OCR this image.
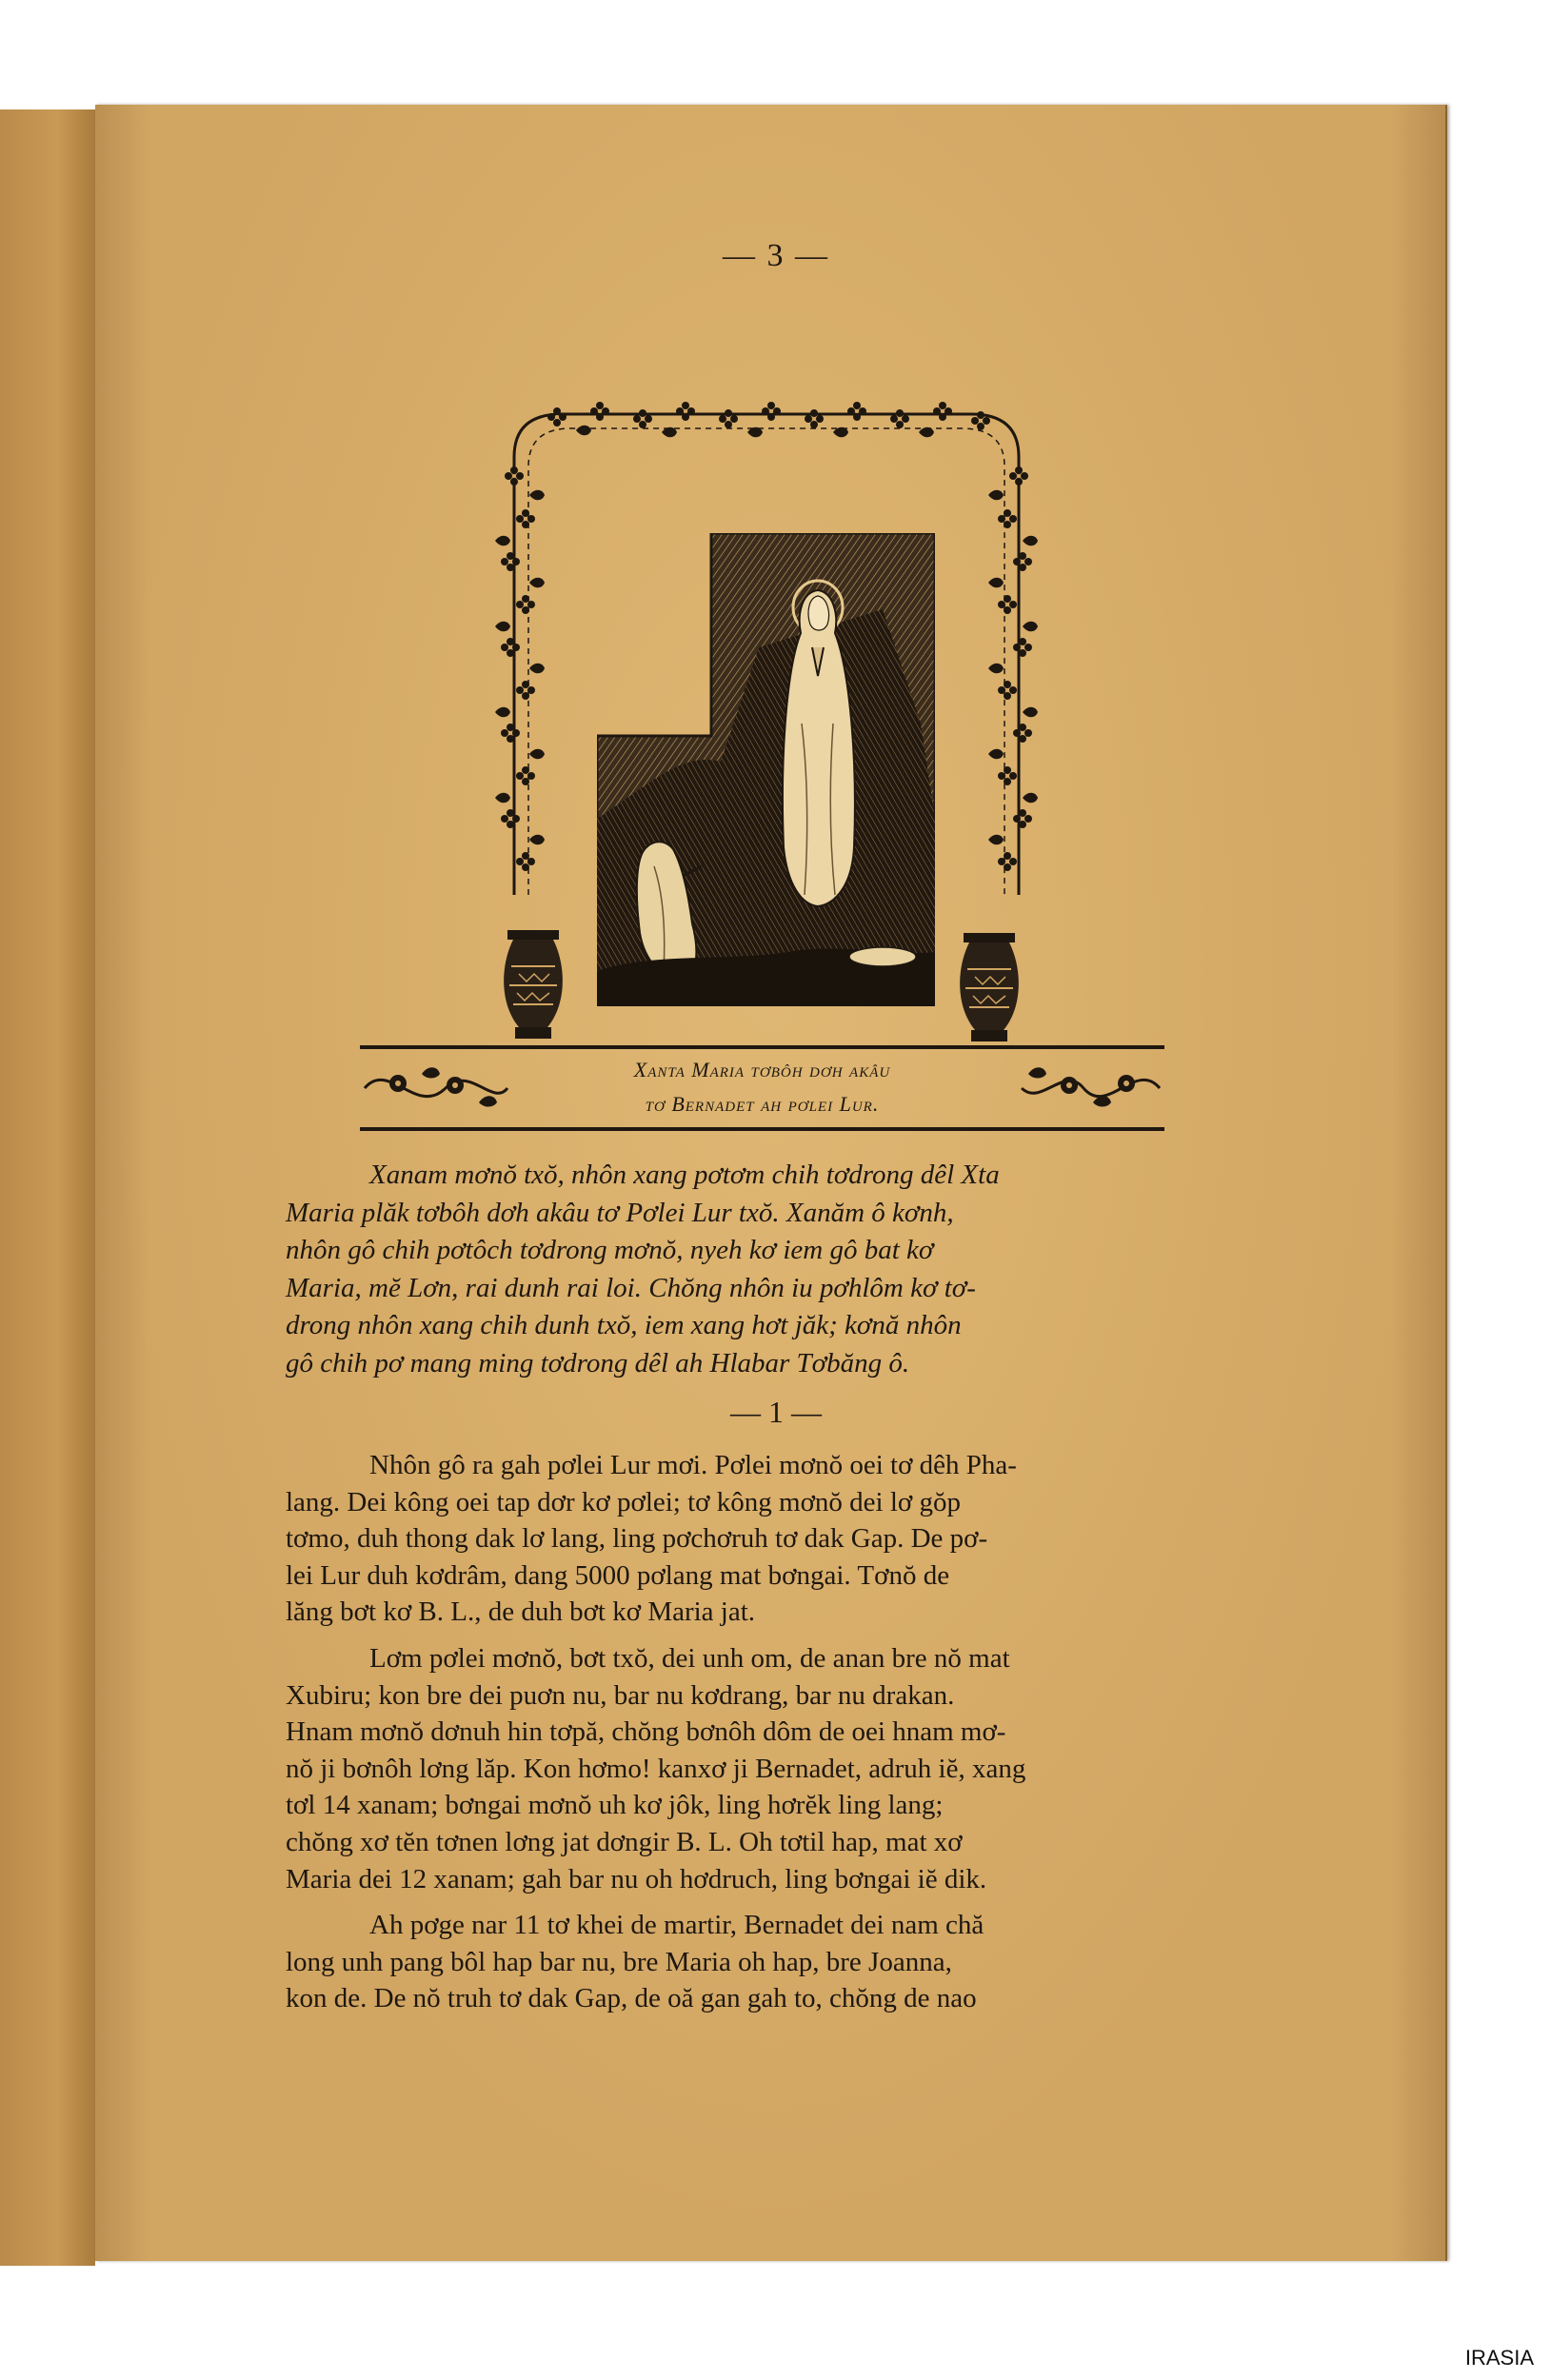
— 3 —
Xanta Maria tơbôh dơh akâu
tơ Bernadet ah pơlei Lur.
Xanam mơnŏ txŏ, nhôn xang pơtơm chih tơdrong dêl Xta
Maria plăk tơbôh dơh akâu tơ Pơlei Lur txŏ. Xanăm ô kơnh,
nhôn gô chih pơtôch tơdrong mơnŏ, nyeh kơ iem gô bat kơ
Maria, mĕ Lơn, rai dunh rai loi. Chŏng nhôn iu pơhlôm kơ tơ-
drong nhôn xang chih dunh txŏ, iem xang hơt jăk; kơnă nhôn
gô chih pơ mang ming tơdrong dêl ah Hlabar Tơbăng ô.
— 1 —
Nhôn gô ra gah pơlei Lur mơi. Pơlei mơnŏ oei tơ dêh Pha-
lang. Dei kông oei tap dơr kơ pơlei; tơ kông mơnŏ dei lơ gŏp
tơmo, duh thong dak lơ lang, ling pơchơruh tơ dak Gap. De pơ-
lei Lur duh kơdrâm, dang 5000 pơlang mat bơngai. Tơnŏ de
lăng bơt kơ B. L., de duh bơt kơ Maria jat.
Lơm pơlei mơnŏ, bơt txŏ, dei unh om, de anan bre nŏ mat
Xubiru; kon bre dei puơn nu, bar nu kơdrang, bar nu drakan.
Hnam mơnŏ dơnuh hin tơpă, chŏng bơnôh dôm de oei hnam mơ-
nŏ ji bơnôh lơng lăp. Kon hơmo! kanxơ ji Bernadet, adruh iĕ, xang
tơl 14 xanam; bơngai mơnŏ uh kơ jôk, ling hơrĕk ling lang;
chŏng xơ tĕn tơnen lơng jat dơngir B. L. Oh tơtil hap, mat xơ
Maria dei 12 xanam; gah bar nu oh hơdruch, ling bơngai iĕ dik.
Ah pơge nar 11 tơ khei de martir, Bernadet dei nam chă
long unh pang bôl hap bar nu, bre Maria oh hap, bre Joanna,
kon de. De nŏ truh tơ dak Gap, de oă gan gah to, chŏng de nao
IRASIA
